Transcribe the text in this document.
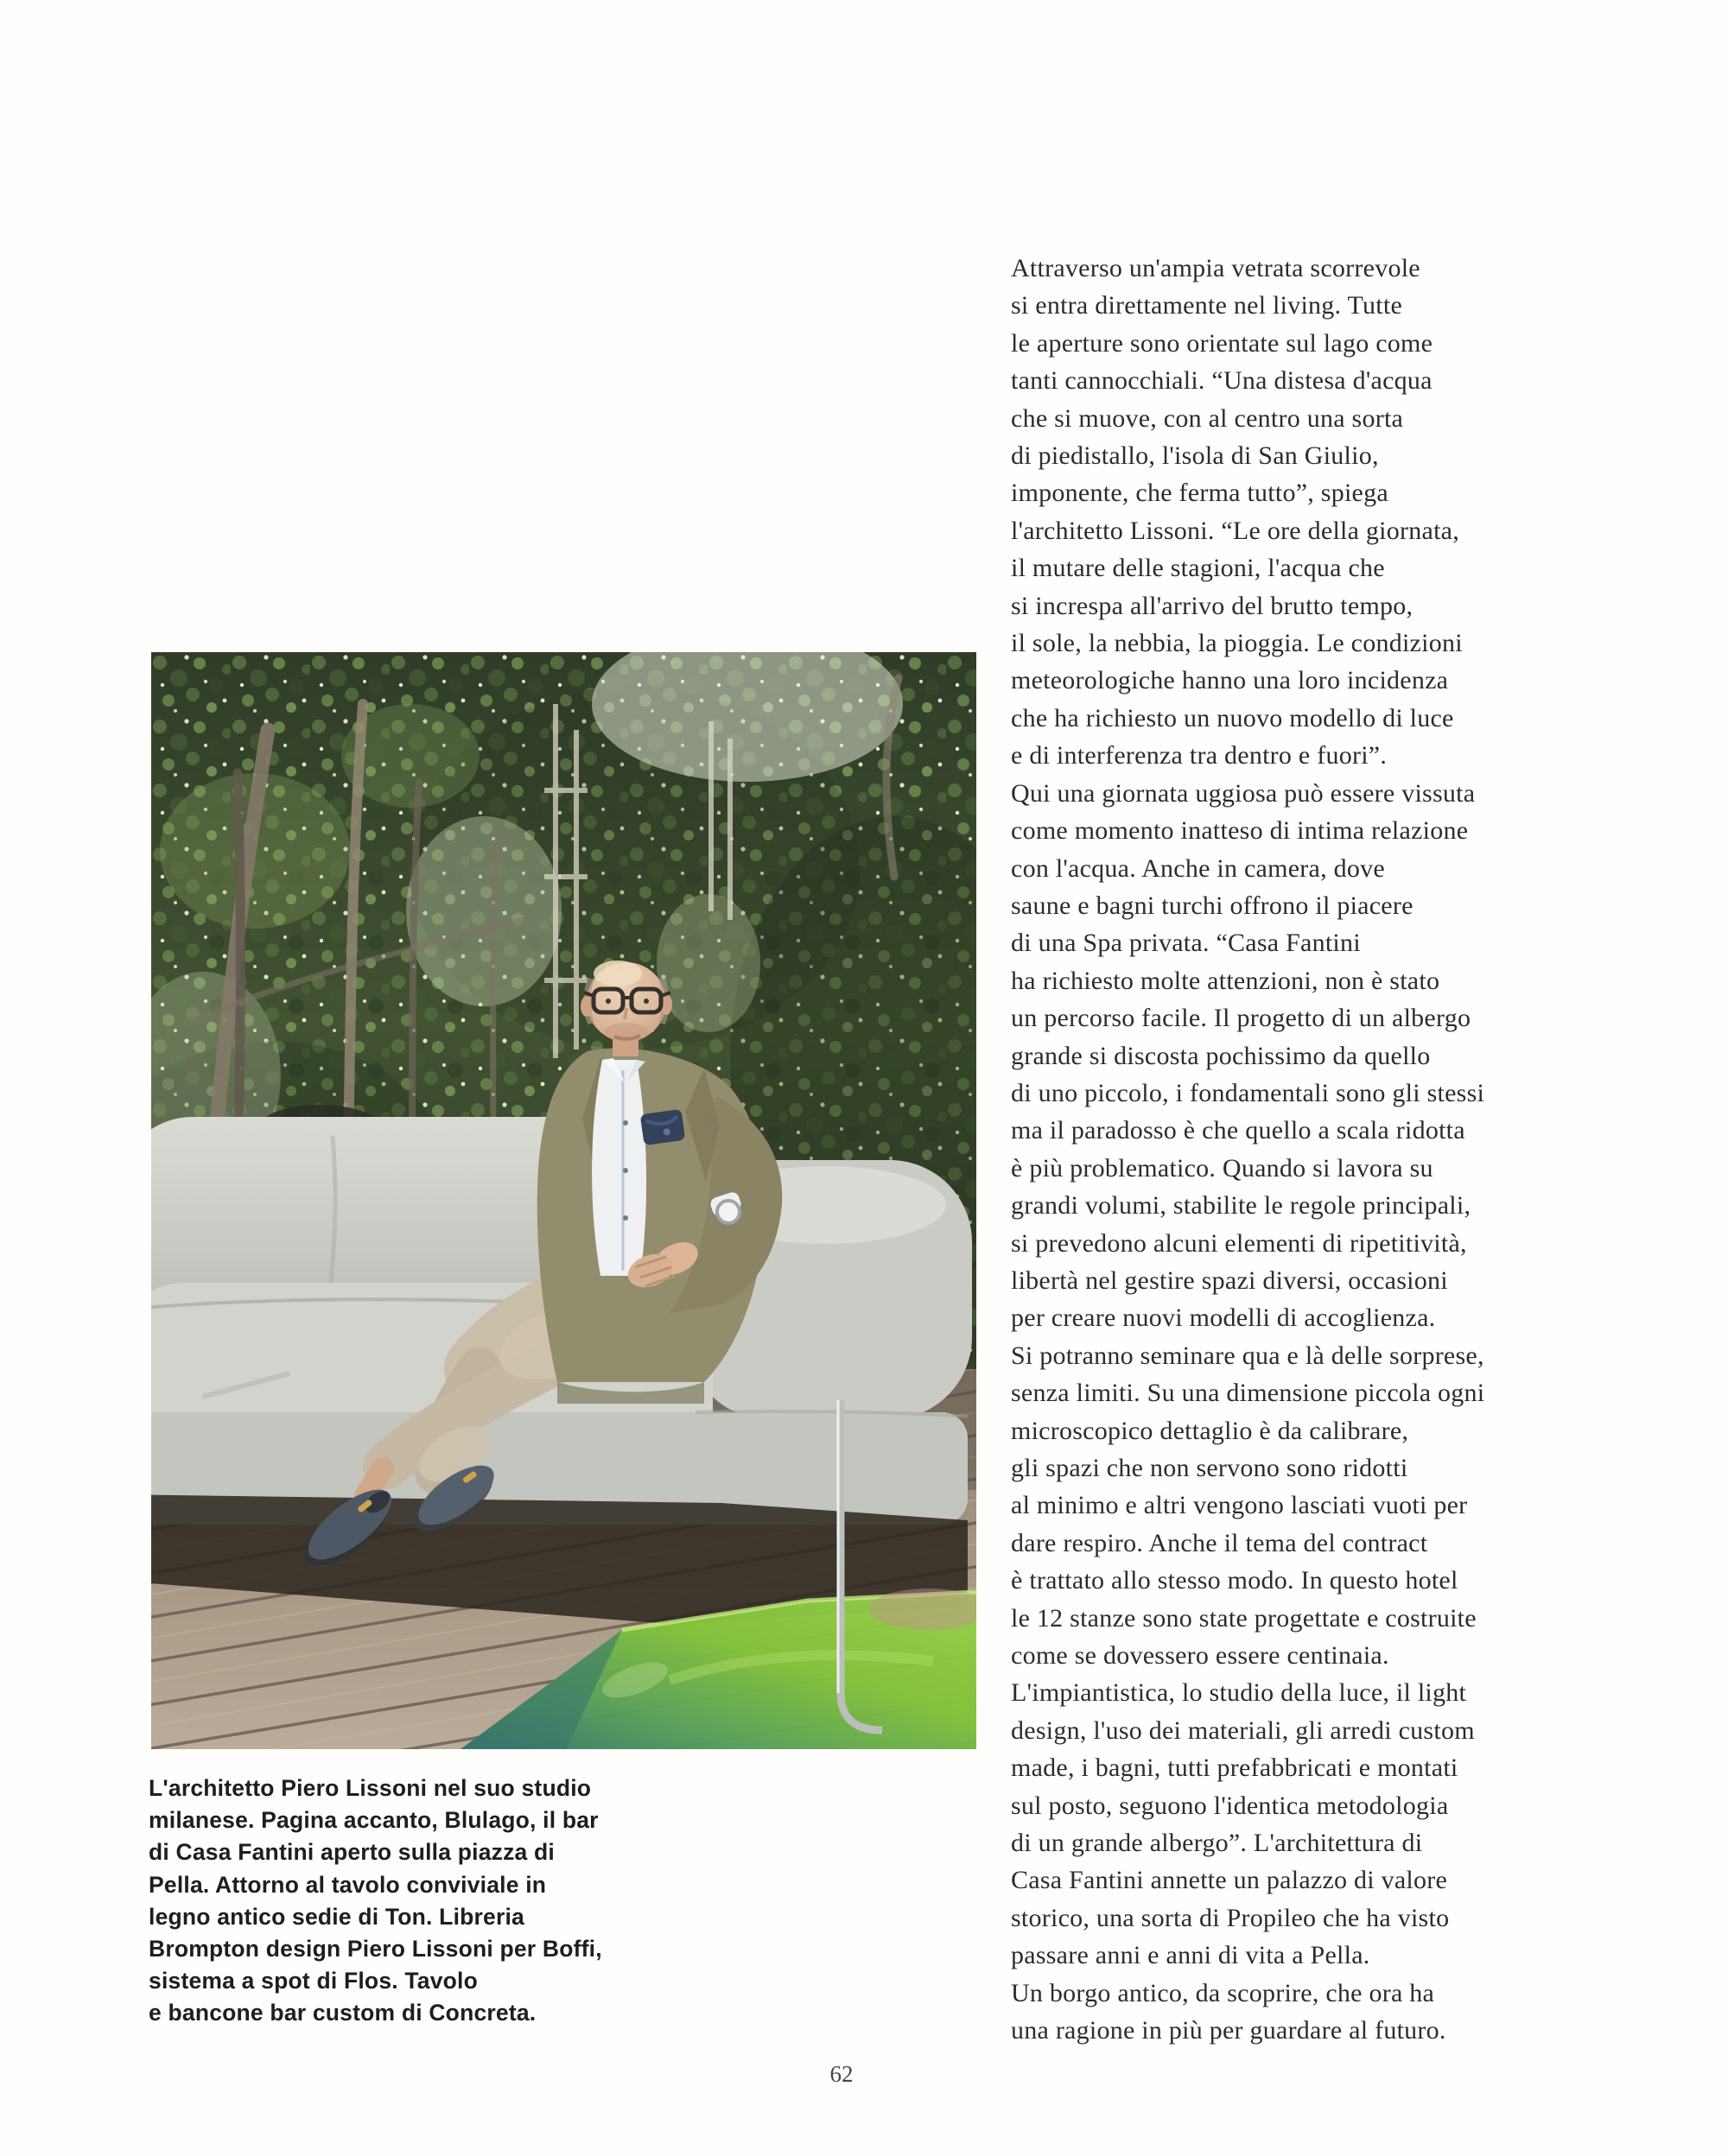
Attraverso un'ampia vetrata scorrevole
si entra direttamente nel living. Tutte
le aperture sono orientate sul lago come
tanti cannocchiali. “Una distesa d'acqua
che si muove, con al centro una sorta
di piedistallo, l'isola di San Giulio,
imponente, che ferma tutto”, spiega
l'architetto Lissoni. “Le ore della giornata,
il mutare delle stagioni, l'acqua che
si increspa all'arrivo del brutto tempo,
il sole, la nebbia, la pioggia. Le condizioni
meteorologiche hanno una loro incidenza
che ha richiesto un nuovo modello di luce
e di interferenza tra dentro e fuori”.
Qui una giornata uggiosa può essere vissuta
come momento inatteso di intima relazione
con l'acqua. Anche in camera, dove
saune e bagni turchi offrono il piacere
di una Spa privata. “Casa Fantini
ha richiesto molte attenzioni, non è stato
un percorso facile. Il progetto di un albergo
grande si discosta pochissimo da quello
di uno piccolo, i fondamentali sono gli stessi
ma il paradosso è che quello a scala ridotta
è più problematico. Quando si lavora su
grandi volumi, stabilite le regole principali,
si prevedono alcuni elementi di ripetitività,
libertà nel gestire spazi diversi, occasioni
per creare nuovi modelli di accoglienza.
Si potranno seminare qua e là delle sorprese,
senza limiti. Su una dimensione piccola ogni
microscopico dettaglio è da calibrare,
gli spazi che non servono sono ridotti
al minimo e altri vengono lasciati vuoti per
dare respiro. Anche il tema del contract
è trattato allo stesso modo. In questo hotel
le 12 stanze sono state progettate e costruite
come se dovessero essere centinaia.
L'impiantistica, lo studio della luce, il light
design, l'uso dei materiali, gli arredi custom
made, i bagni, tutti prefabbricati e montati
sul posto, seguono l'identica metodologia
di un grande albergo”. L'architettura di
Casa Fantini annette un palazzo di valore
storico, una sorta di Propileo che ha visto
passare anni e anni di vita a Pella.
Un borgo antico, da scoprire, che ora ha
una ragione in più per guardare al futuro.
L'architetto Piero Lissoni nel suo studio
milanese. Pagina accanto, Blulago, il bar
di Casa Fantini aperto sulla piazza di
Pella. Attorno al tavolo conviviale in
legno antico sedie di Ton. Libreria
Brompton design Piero Lissoni per Boffi,
sistema a spot di Flos. Tavolo
e bancone bar custom di Concreta.
62
